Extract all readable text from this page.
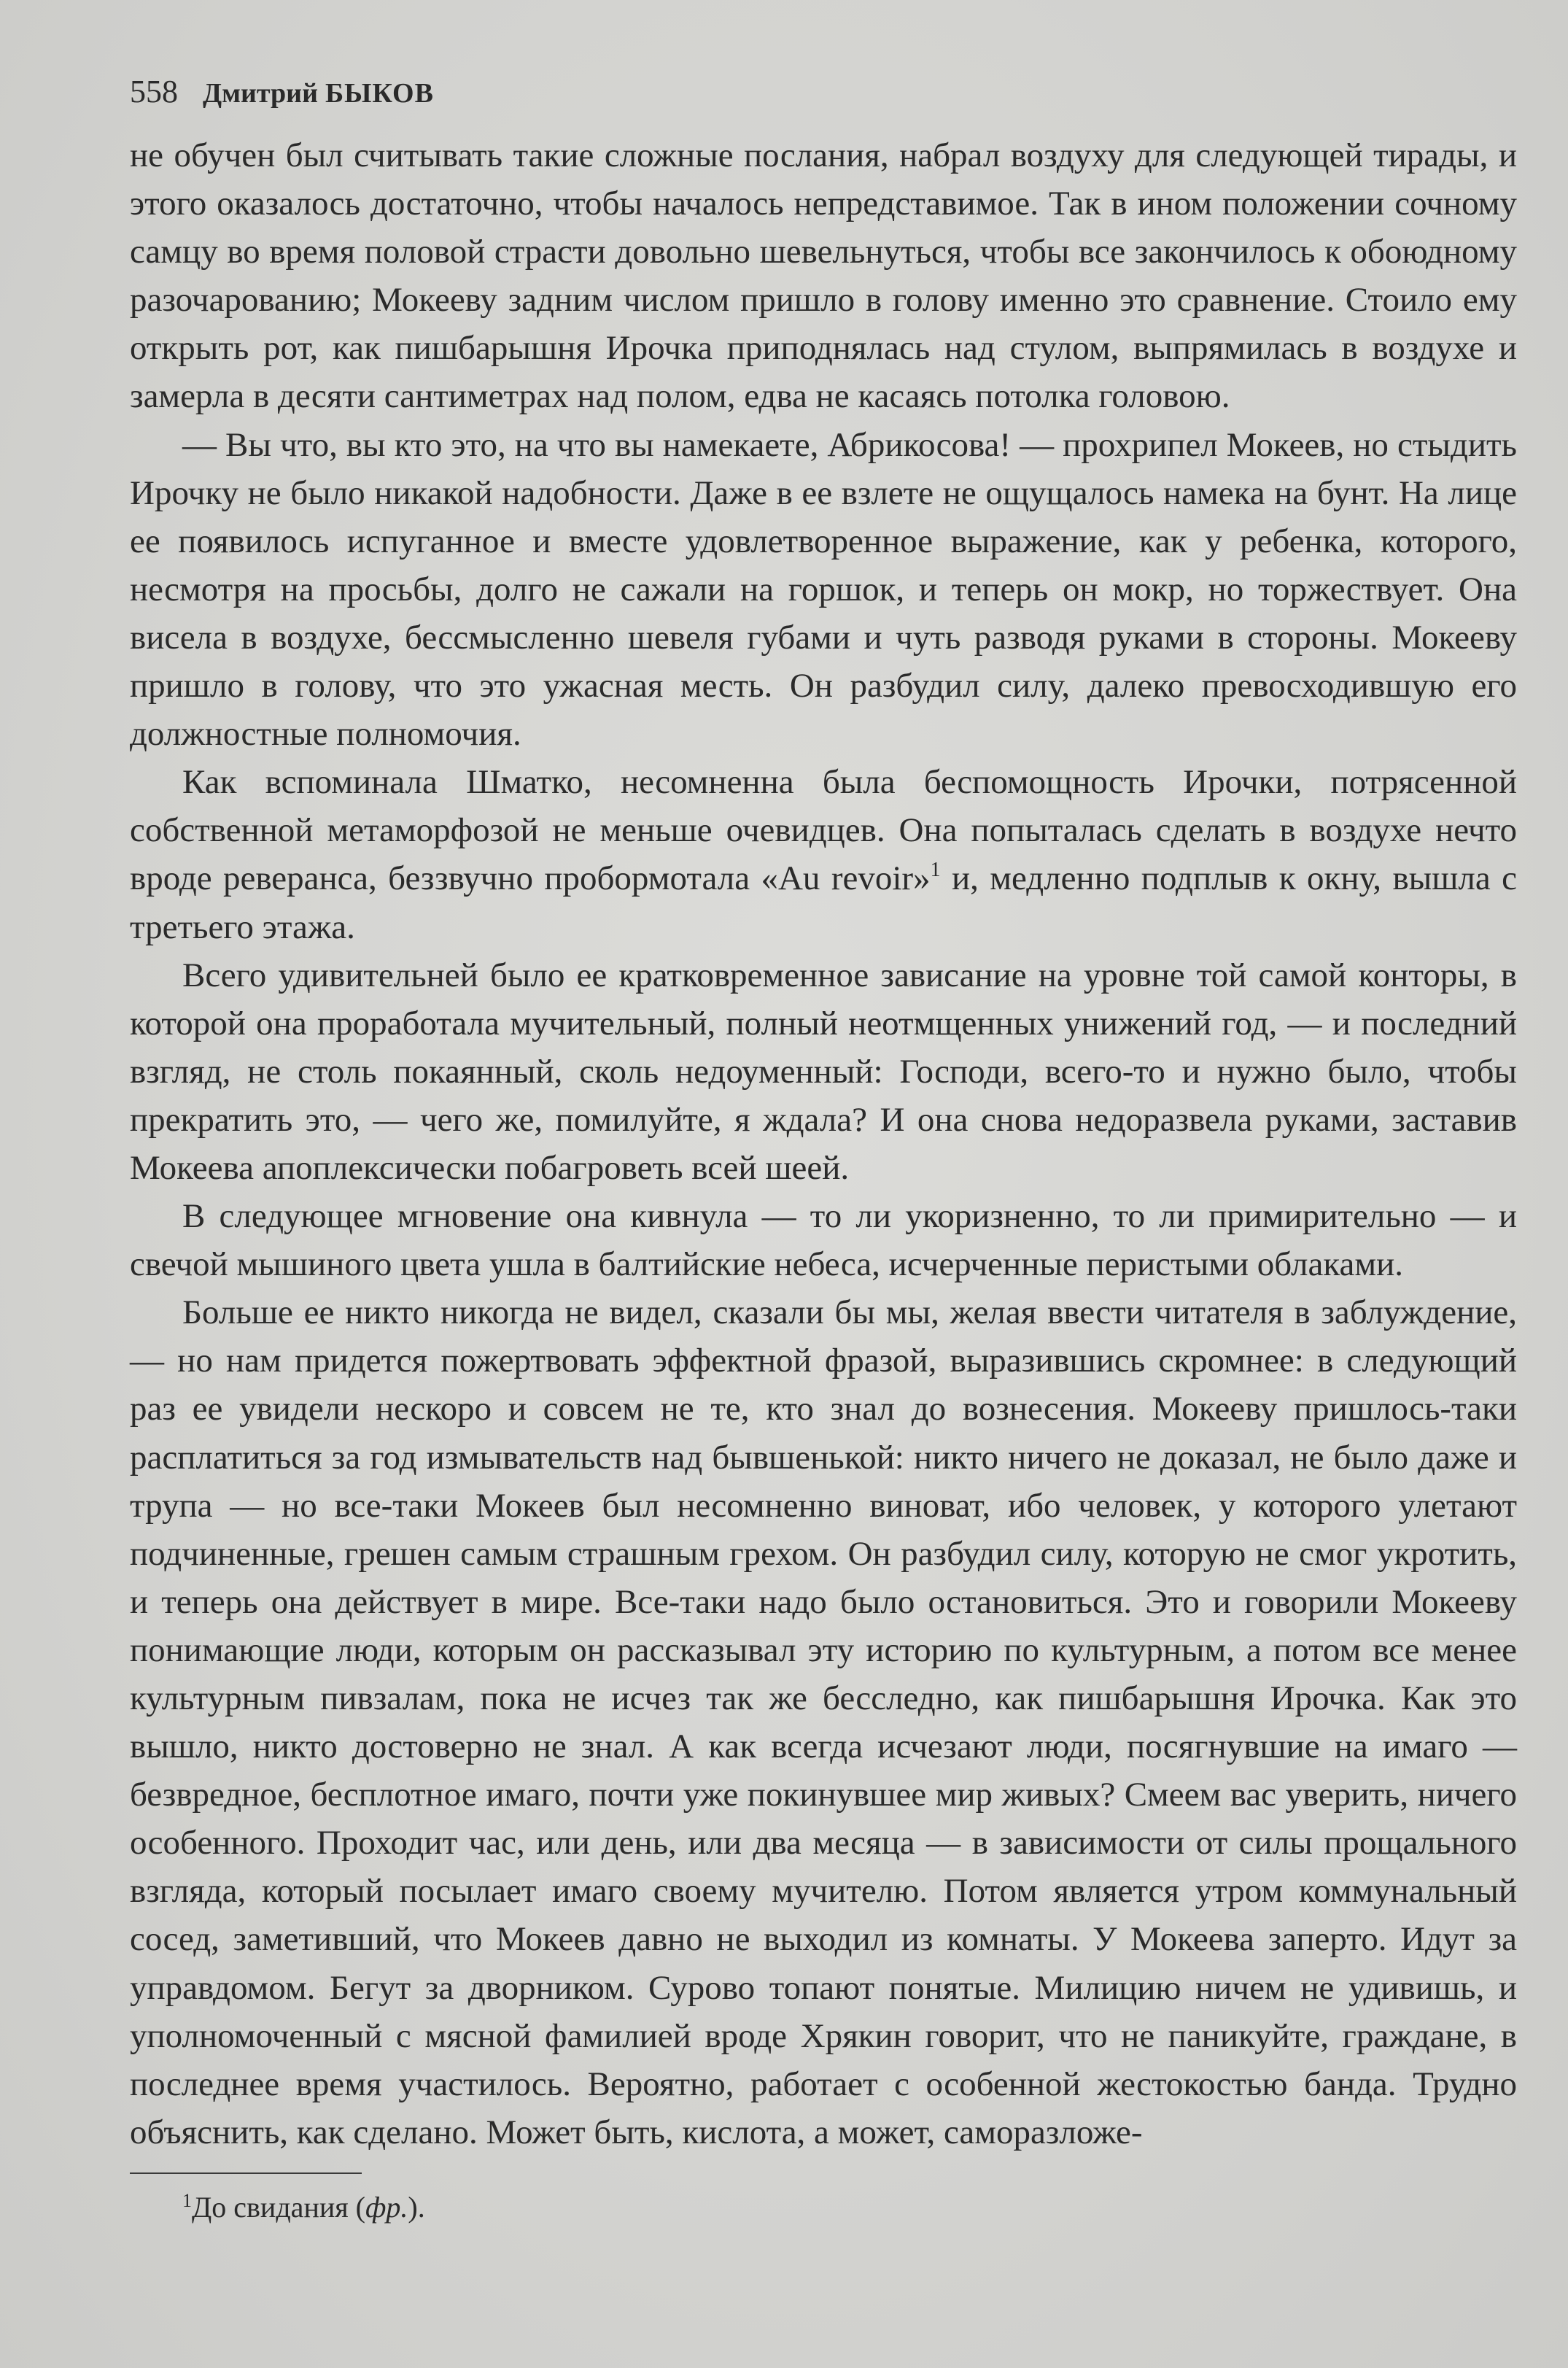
558 Дмитрий БЫКОВ

не обучен был считывать такие сложные послания, набрал воздуху для следующей тирады, и этого оказалось достаточно, чтобы началось непредставимое. Так в ином положении сочному самцу во время половой страсти довольно шевельнуться, чтобы все закончилось к обоюдному разочарованию; Мокееву задним числом пришло в голову именно это сравнение. Стоило ему открыть рот, как пишбарышня Ирочка приподнялась над стулом, выпрямилась в воздухе и замерла в десяти сантиметрах над полом, едва не касаясь потолка головою.

— Вы что, вы кто это, на что вы намекаете, Абрикосова! — прохрипел Мокеев, но стыдить Ирочку не было никакой надобности. Даже в ее взлете не ощущалось намека на бунт. На лице ее появилось испуганное и вместе удовлетворенное выражение, как у ребенка, которого, несмотря на просьбы, долго не сажали на горшок, и теперь он мокр, но торжествует. Она висела в воздухе, бессмысленно шевеля губами и чуть разводя руками в стороны. Мокееву пришло в голову, что это ужасная месть. Он разбудил силу, далеко превосходившую его должностные полномочия.

Как вспоминала Шматко, несомненна была беспомощность Ирочки, потрясенной собственной метаморфозой не меньше очевидцев. Она попыталась сделать в воздухе нечто вроде реверанса, беззвучно пробормотала «Au revoir»$^1$ и, медленно подплыв к окну, вышла с третьего этажа.

Всего удивительней было ее кратковременное зависание на уровне той самой конторы, в которой она проработала мучительный, полный неотмщенных унижений год, — и последний взгляд, не столь покаянный, сколь недоуменный: Господи, всего-то и нужно было, чтобы прекратить это, — чего же, помилуйте, я ждала? И она снова недоразвела руками, заставив Мокеева апоплексически побагроветь всей шеей.

В следующее мгновение она кивнула — то ли укоризненно, то ли примирительно — и свечой мышиного цвета ушла в балтийские небеса, исчерченные перистыми облаками.

Больше ее никто никогда не видел, сказали бы мы, желая ввести читателя в заблуждение, — но нам придется пожертвовать эффектной фразой, выразившись скромнее: в следующий раз ее увидели нескоро и совсем не те, кто знал до вознесения. Мокееву пришлось-таки расплатиться за год измывательств над бывшенькой: никто ничего не доказал, не было даже и трупа — но все-таки Мокеев был несомненно виноват, ибо человек, у которого улетают подчиненные, грешен самым страшным грехом. Он разбудил силу, которую не смог укротить, и теперь она действует в мире. Все-таки надо было остановиться. Это и говорили Мокееву понимающие люди, которым он рассказывал эту историю по культурным, а потом все менее культурным пивзалам, пока не исчез так же бесследно, как пишбарышня Ирочка. Как это вышло, никто достоверно не знал. А как всегда исчезают люди, посягнувшие на имаго — безвредное, бесплотное имаго, почти уже покинувшее мир живых? Смеем вас уверить, ничего особенного. Проходит час, или день, или два месяца — в зависимости от силы прощального взгляда, который посылает имаго своему мучителю. Потом является утром коммунальный сосед, заметивший, что Мокеев давно не выходил из комнаты. У Мокеева заперто. Идут за управдомом. Бегут за дворником. Сурово топают понятые. Милицию ничем не удивишь, и уполномоченный с мясной фамилией вроде Хрякин говорит, что не паникуйте, граждане, в последнее время участилось. Вероятно, работает с особенной жестокостью банда. Трудно объяснить, как сделано. Может быть, кислота, а может, саморазложе-

$^1$До свидания (фр.).
